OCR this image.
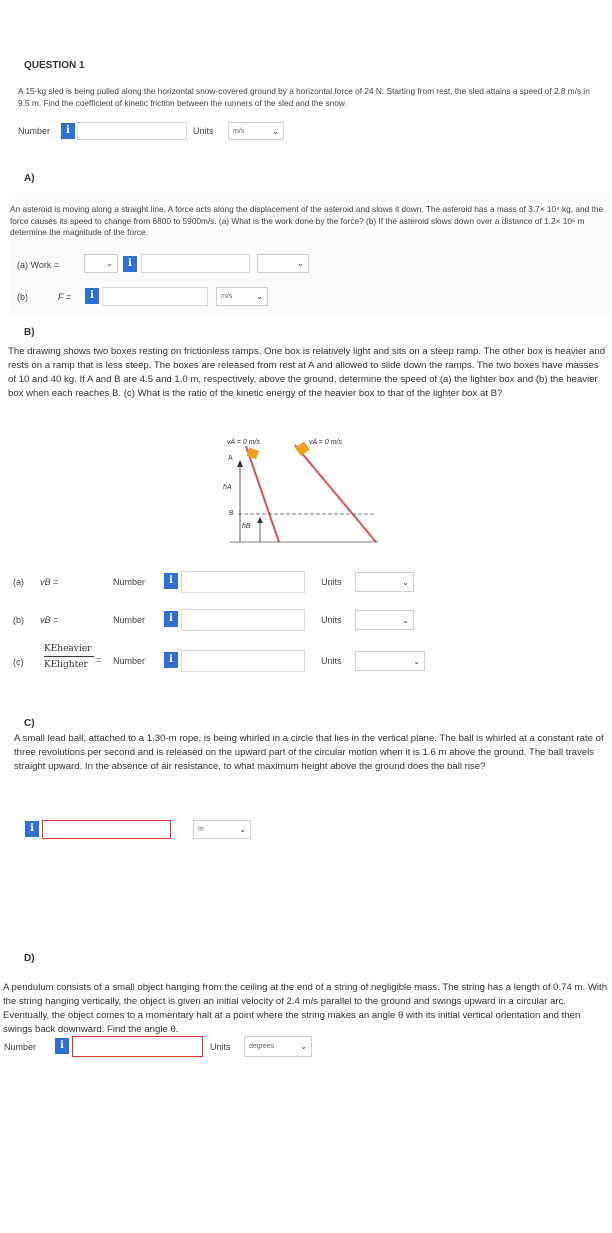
QUESTION 1
A 15-kg sled is being pulled along the horizontal snow-covered ground by a horizontal force of 24 N. Starting from rest, the sled attains a speed of 2.8 m/s in 9.5 m. Find the coefficient of kinetic friction between the runners of the sled and the snow.
Number	i	Units	m/s	⌄
A)
An asteroid is moving along a straight line. A force acts along the displacement of the asteroid and slows it down. The asteroid has a mass of 3.7× 10⁴ kg, and the force causes its speed to change from 6800 to 5900m/s. (a) What is the work done by the force? (b) If the asteroid slows down over a distance of 1.2× 10⁶ m determine the magnitude of the force.
(a) Work =	⌄	i	⌄
(b)	F =	i	m/s	⌄
B)
The drawing shows two boxes resting on frictionless ramps. One box is relatively light and sits on a steep ramp. The other box is heavier and rests on a ramp that is less steep. The boxes are released from rest at A and allowed to slide down the ramps. The two boxes have masses of 10 and 40 kg. If A and B are 4.5 and 1.0 m, respectively, above the ground, determine the speed of (a) the lighter box and (b) the heavier box when each reaches B. (c) What is the ratio of the kinetic energy of the heavier box to that of the lighter box at B?
vA = 0 m/s	vA = 0 m/s
A
hA
B
hB
(a) vB =	Number	i	Units	⌄
(b) vB =	Number	i	Units	⌄
(c)
KEheavier
KElighter = Number	i	Units	⌄
C)
A small lead ball, attached to a 1.30-m rope, is being whirled in a circle that lies in the vertical plane. The ball is whirled at a constant rate of three revolutions per second and is released on the upward part of the circular motion when it is 1.6 m above the ground. The ball travels straight upward. In the absence of air resistance, to what maximum height above the ground does the ball rise?
i	m	⌄
D)
A pendulum consists of a small object hanging from the ceiling at the end of a string of negligible mass. The string has a length of 0.74 m. With the string hanging vertically, the object is given an initial velocity of 2.4 m/s parallel to the ground and swings upward in a circular arc. Eventually, the object comes to a momentary halt at a point where the string makes an angle θ with its initial vertical orientation and then swings back downward. Find the angle θ.
Number	i	Units	degrees	⌄
